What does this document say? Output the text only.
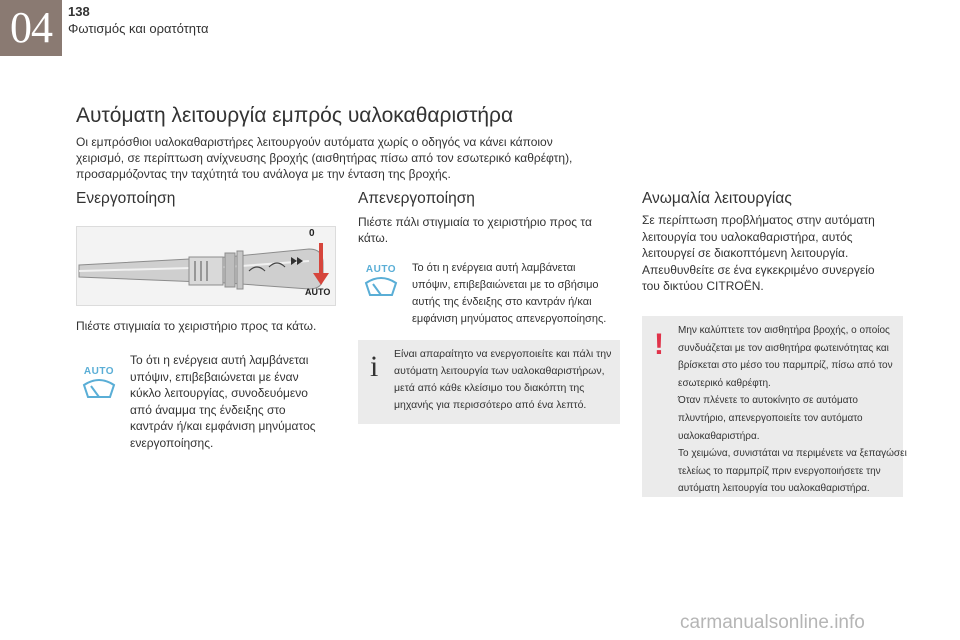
04	138
Φωτισμός και ορατότητα
Αυτόματη λειτουργία εμπρός υαλοκαθαριστήρα
Οι εμπρόσθιοι υαλοκαθαριστήρες λειτουργούν αυτόματα χωρίς ο οδηγός να κάνει κάποιον
χειρισμό, σε περίπτωση ανίχνευσης βροχής (αισθητήρας πίσω από τον εσωτερικό καθρέφτη),
προσαρμόζοντας την ταχύτητά του ανάλογα με την ένταση της βροχής.
Ενεργοποίηση
0
AUTO
Πιέστε στιγμιαία το χειριστήριο προς τα κάτω.
AUTO
Το ότι η ενέργεια αυτή λαμβάνεται
υπόψιν, επιβεβαιώνεται με έναν
κύκλο λειτουργίας, συνοδευόμενο
από άναμμα της ένδειξης στο
καντράν ή/και εμφάνιση μηνύματος
ενεργοποίησης.
Απενεργοποίηση
Πιέστε πάλι στιγμιαία το χειριστήριο προς τα
κάτω.
AUTO	Το ότι η ενέργεια αυτή λαμβάνεται
υπόψιν, επιβεβαιώνεται με το σβήσιμο
αυτής της ένδειξης στο καντράν ή/και
εμφάνιση μηνύματος απενεργοποίησης.
Είναι απαραίτητο να ενεργοποιείτε και πάλι την
αυτόματη λειτουργία των υαλοκαθαριστήρων,
μετά από κάθε κλείσιμο του διακόπτη της
μηχανής για περισσότερο από ένα λεπτό.
i
Ανωμαλία λειτουργίας
Σε περίπτωση προβλήματος στην αυτόματη
λειτουργία του υαλοκαθαριστήρα, αυτός
λειτουργεί σε διακοπτόμενη λειτουργία.
Απευθυνθείτε σε ένα εγκεκριμένο συνεργείο
του δικτύου CITROËN.
Μην καλύπτετε τον αισθητήρα βροχής, ο οποίος
συνδυάζεται με τον αισθητήρα φωτεινότητας και
βρίσκεται στο μέσο του παρμπρίζ, πίσω από τον
εσωτερικό καθρέφτη.
Όταν πλένετε το αυτοκίνητο σε αυτόματο
πλυντήριο, απενεργοποιείτε τον αυτόματο
υαλοκαθαριστήρα.
Το χειμώνα, συνιστάται να περιμένετε να ξεπαγώσει
τελείως το παρμπρίζ πριν ενεργοποιήσετε την
αυτόματη λειτουργία του υαλοκαθαριστήρα.
!
carmanualsonline.info
